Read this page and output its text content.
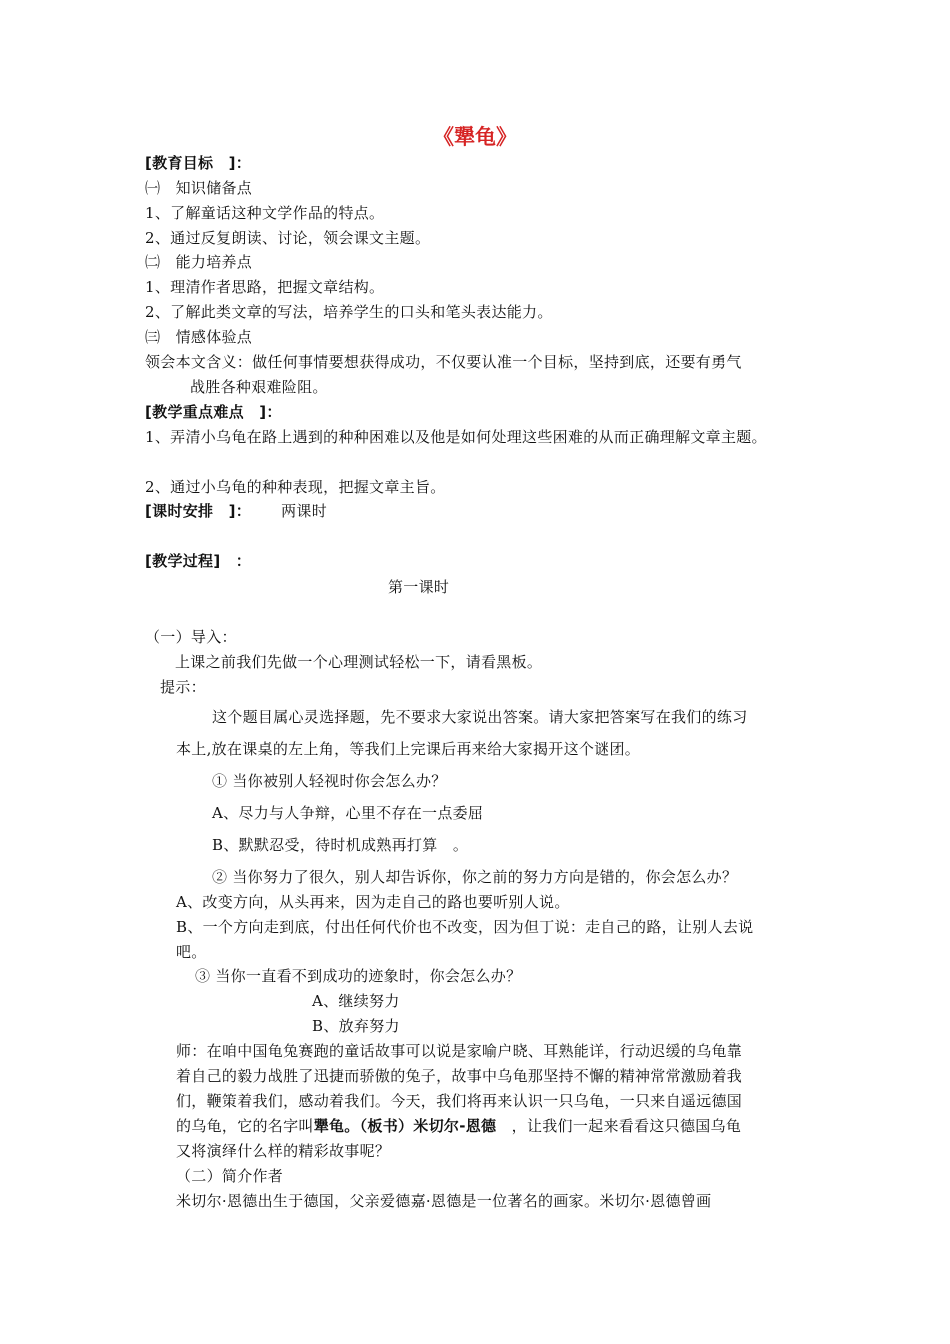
《犟龟》
[教育目标　]：
㈠　知识储备点
1、了解童话这种文学作品的特点。
2、通过反复朗读、讨论，领会课文主题。
㈡　能力培养点
1、理清作者思路，把握文章结构。
2、了解此类文章的写法，培养学生的口头和笔头表达能力。
㈢　情感体验点
领会本文含义：做任何事情要想获得成功，不仅要认准一个目标，坚持到底，还要有勇气
战胜各种艰难险阻。
[教学重点难点　]：
1、弄清小乌龟在路上遇到的种种困难以及他是如何处理这些困难的从而正确理解文章主题。
2、通过小乌龟的种种表现，把握文章主旨。
[课时安排　]： 两课时
[教学过程]　：
第一课时
（一）导入：
上课之前我们先做一个心理测试轻松一下，请看黑板。
提示：
这个题目属心灵选择题，先不要求大家说出答案。请大家把答案写在我们的练习
本上,放在课桌的左上角，等我们上完课后再来给大家揭开这个谜团。
① 当你被别人轻视时你会怎么办？
A、尽力与人争辩，心里不存在一点委屈
B、默默忍受，待时机成熟再打算　。
② 当你努力了很久，别人却告诉你，你之前的努力方向是错的，你会怎么办？
A、改变方向，从头再来，因为走自己的路也要听别人说。
B、一个方向走到底，付出任何代价也不改变，因为但丁说：走自己的路，让别人去说
吧。
③ 当你一直看不到成功的迹象时，你会怎么办？
A、继续努力
B、放弃努力
师：在咱中国龟兔赛跑的童话故事可以说是家喻户晓、耳熟能详，行动迟缓的乌龟靠
着自己的毅力战胜了迅捷而骄傲的兔子，故事中乌龟那坚持不懈的精神常常激励着我
们，鞭策着我们，感动着我们。今天，我们将再来认识一只乌龟，一只来自遥远德国
的乌龟，它的名字叫犟龟。（板书）米切尔-恩德　，让我们一起来看看这只德国乌龟
又将演绎什么样的精彩故事呢？
（二）简介作者
米切尔·恩德出生于德国，父亲爱德嘉·恩德是一位著名的画家。米切尔·恩德曾画
